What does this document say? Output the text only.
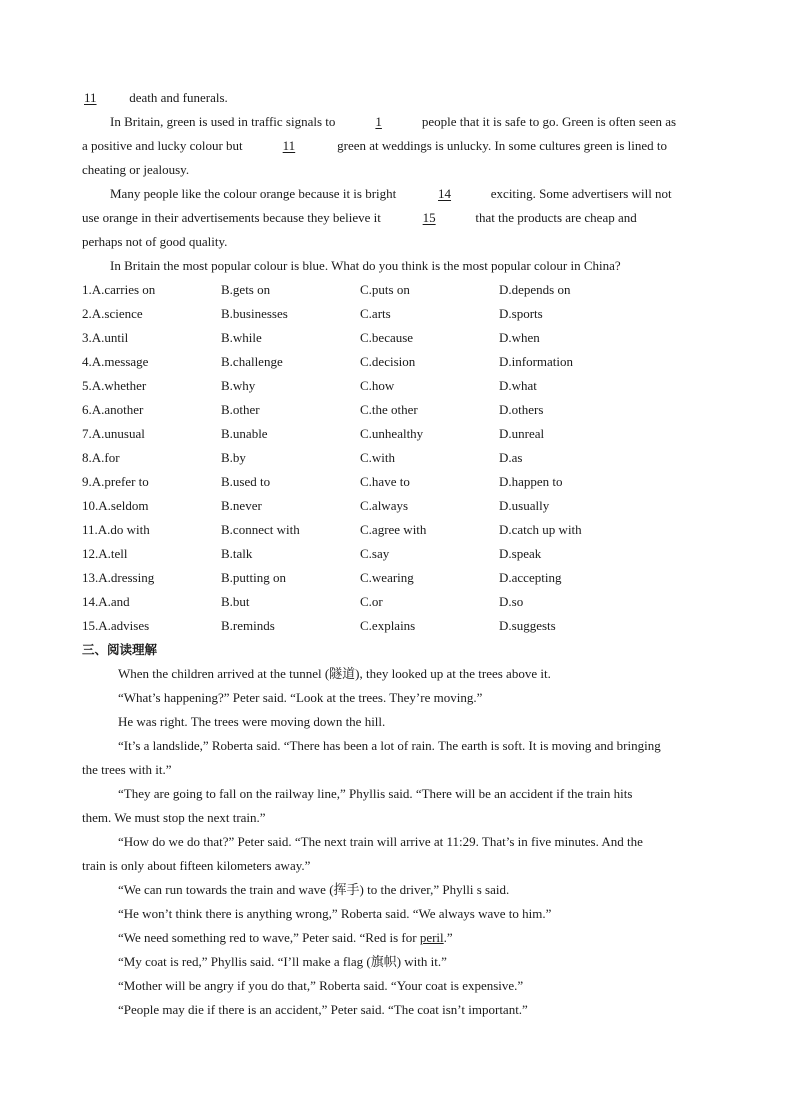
11	death and funerals.
In Britain, green is used in traffic signals to	1	people that it is safe to go. Green is often seen as
a positive and lucky colour but	11	green at weddings is unlucky. In some cultures green is lined to
cheating or jealousy.
Many people like the colour orange because it is bright	14	exciting. Some advertisers will not
use orange in their advertisements because they believe it	15	that the products are cheap and
perhaps not of good quality.
In Britain the most popular colour is blue. What do you think is the most popular colour in China?
1.A.carries on	B.gets on	C.puts on	D.depends on
2.A.science	B.businesses	C.arts	D.sports
3.A.until	B.while	C.because	D.when
4.A.message	B.challenge	C.decision	D.information
5.A.whether	B.why	C.how	D.what
6.A.another	B.other	C.the other	D.others
7.A.unusual	B.unable	C.unhealthy	D.unreal
8.A.for	B.by	C.with	D.as
9.A.prefer to	B.used to	C.have to	D.happen to
10.A.seldom	B.never	C.always	D.usually
11.A.do with	B.connect with	C.agree with	D.catch up with
12.A.tell	B.talk	C.say	D.speak
13.A.dressing	B.putting on	C.wearing	D.accepting
14.A.and	B.but	C.or	D.so
15.A.advises	B.reminds	C.explains	D.suggests
三、阅读理解
When the children arrived at the tunnel (隧道), they looked up at the trees above it.
“What’s happening?” Peter said. “Look at the trees. They’re moving.”
He was right. The trees were moving down the hill.
“It’s a landslide,” Roberta said. “There has been a lot of rain. The earth is soft. It is moving and bringing
the trees with it.”
“They are going to fall on the railway line,” Phyllis said. “There will be an accident if the train hits
them. We must stop the next train.”
“How do we do that?” Peter said. “The next train will arrive at 11:29. That’s in five minutes. And the
train is only about fifteen kilometers away.”
“We can run towards the train and wave (挥手) to the driver,” Phylli s said.
“He won’t think there is anything wrong,” Roberta said. “We always wave to him.”
“We need something red to wave,” Peter said. “Red is for peril.”
“My coat is red,” Phyllis said. “I’ll make a flag (旗帜) with it.”
“Mother will be angry if you do that,” Roberta said. “Your coat is expensive.”
“People may die if there is an accident,” Peter said. “The coat isn’t important.”
